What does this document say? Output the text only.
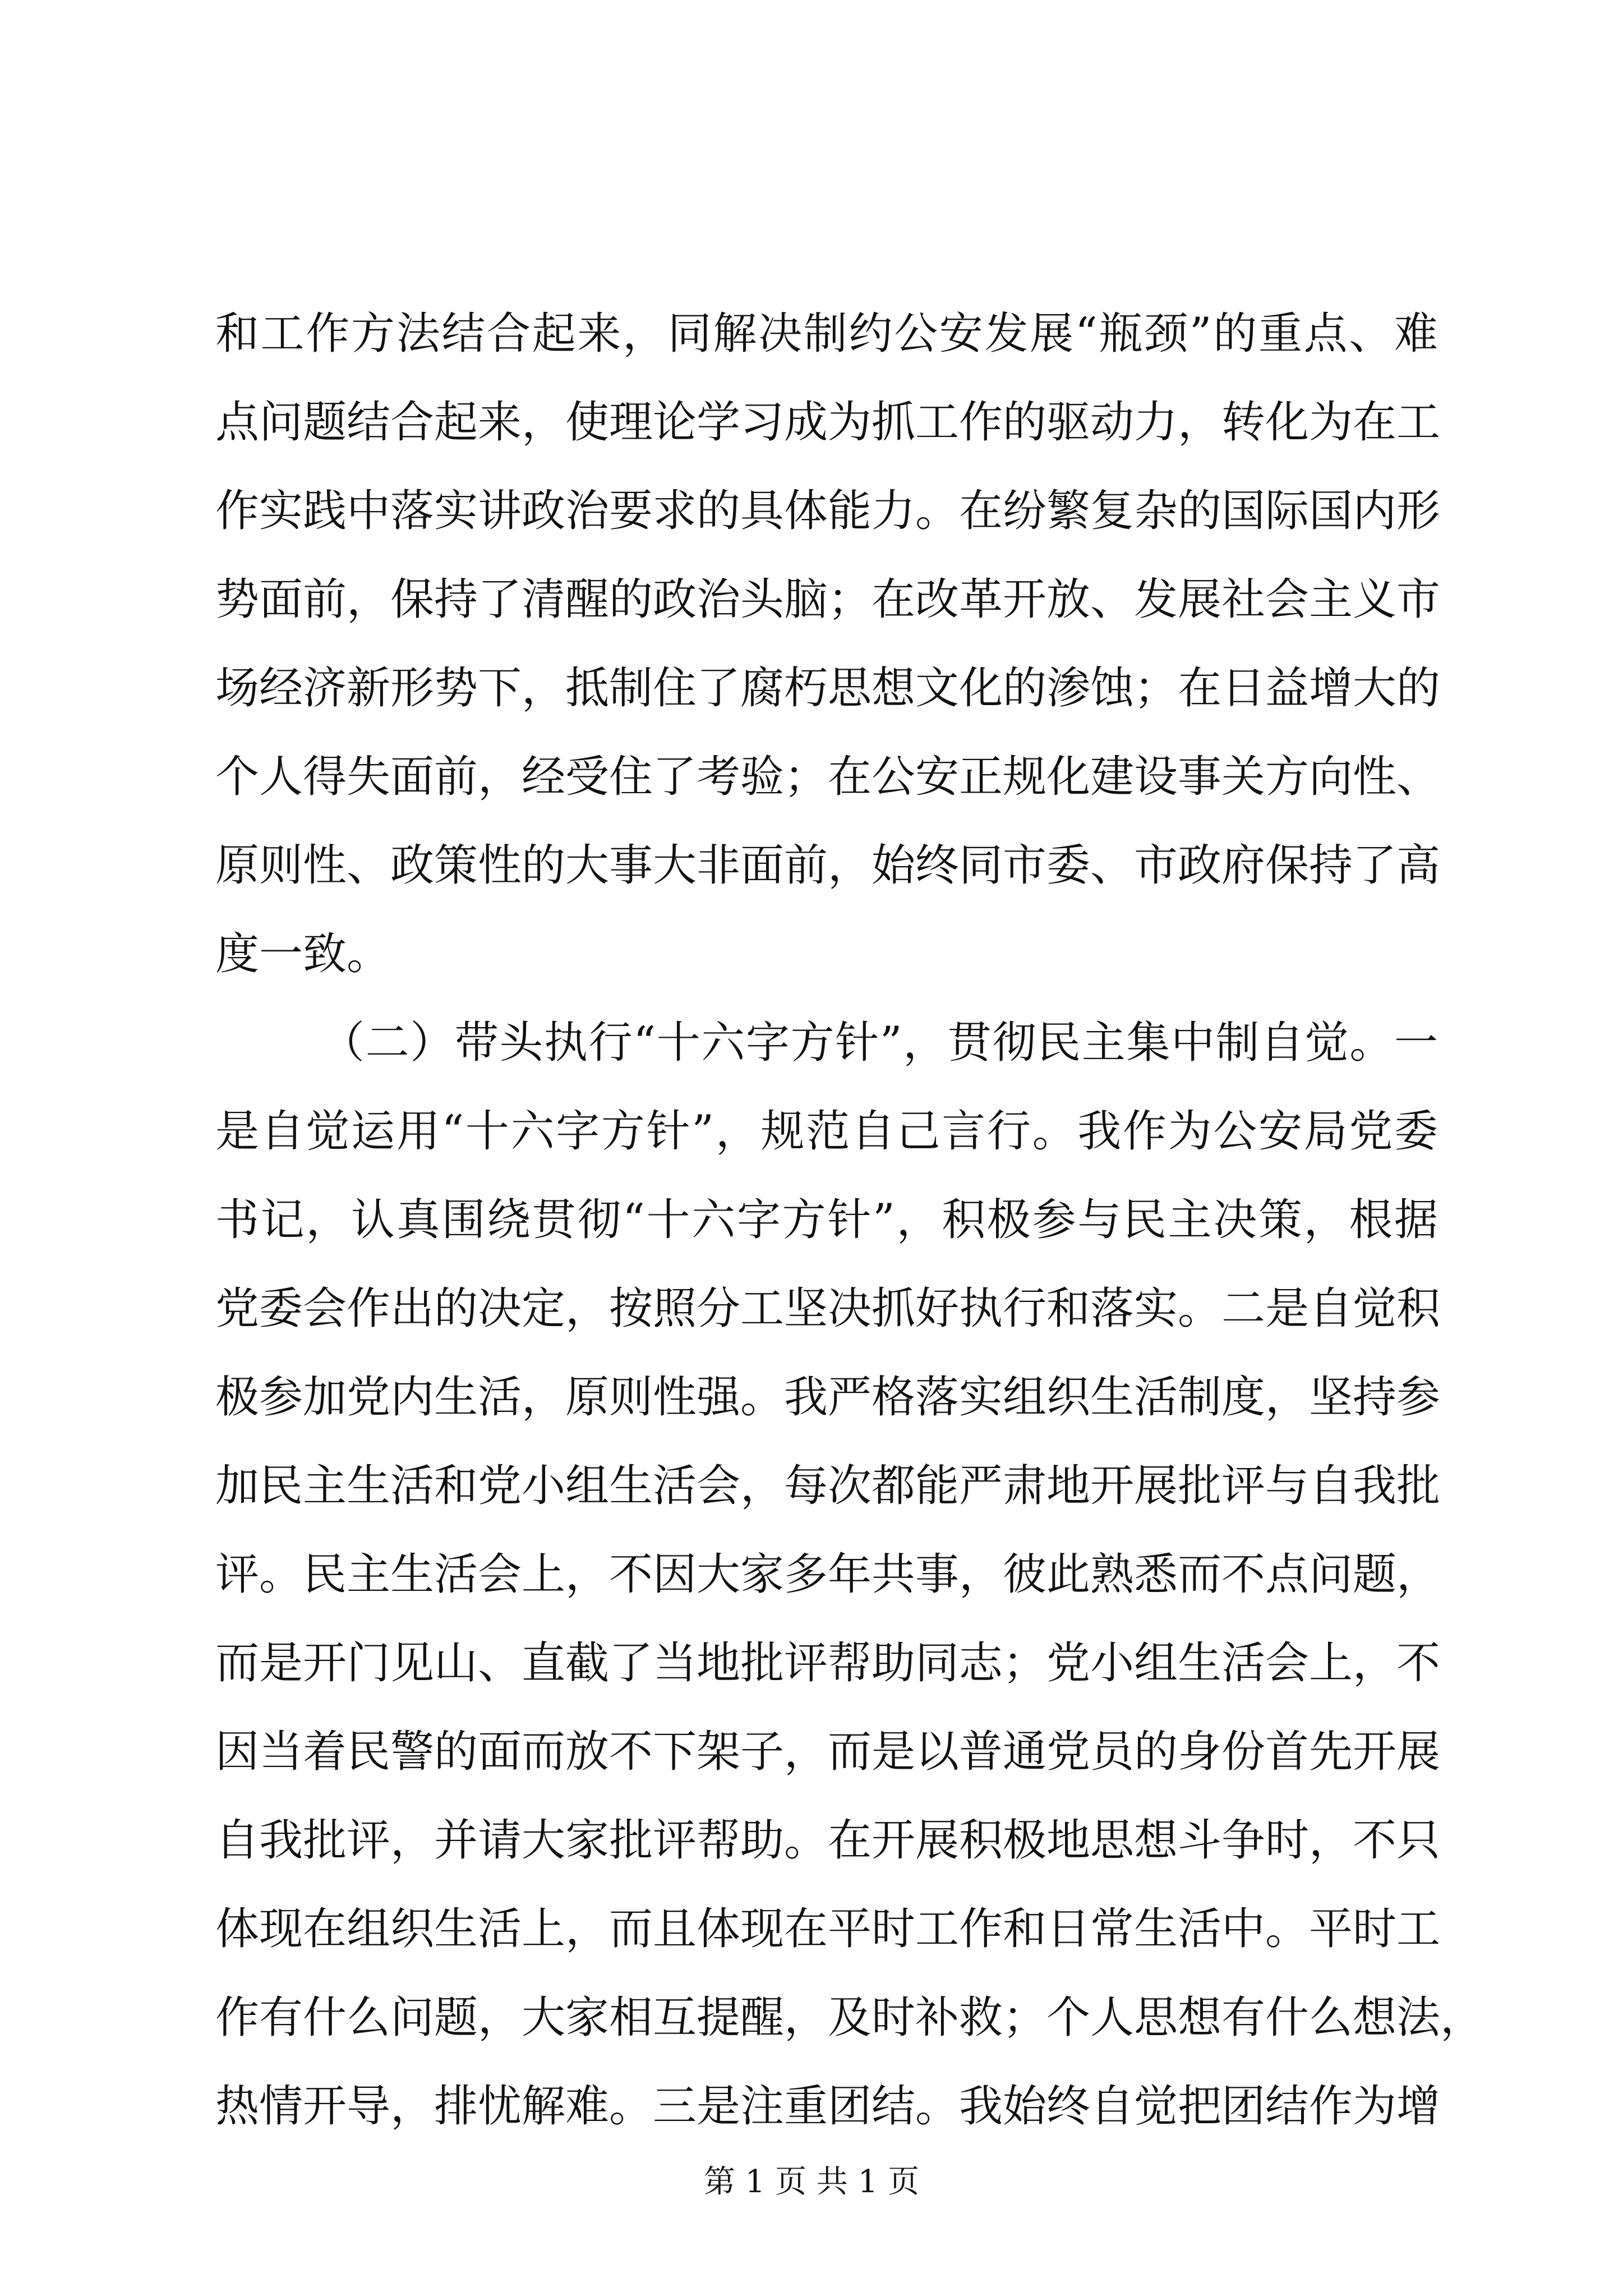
和工作方法结合起来，同解决制约公安发展“瓶颈”的重点、难
点问题结合起来，使理论学习成为抓工作的驱动力，转化为在工
作实践中落实讲政治要求的具体能力。在纷繁复杂的国际国内形
势面前，保持了清醒的政治头脑；在改革开放、发展社会主义市
场经济新形势下，抵制住了腐朽思想文化的渗蚀；在日益增大的
个人得失面前，经受住了考验；在公安正规化建设事关方向性、
原则性、政策性的大事大非面前，始终同市委、市政府保持了高
度一致。
（二）带头执行“十六字方针”，贯彻民主集中制自觉。一
是自觉运用“十六字方针”，规范自己言行。我作为公安局党委
书记，认真围绕贯彻“十六字方针”，积极参与民主决策，根据
党委会作出的决定，按照分工坚决抓好执行和落实。二是自觉积
极参加党内生活，原则性强。我严格落实组织生活制度，坚持参
加民主生活和党小组生活会，每次都能严肃地开展批评与自我批
评。民主生活会上，不因大家多年共事，彼此熟悉而不点问题，
而是开门见山、直截了当地批评帮助同志；党小组生活会上，不
因当着民警的面而放不下架子，而是以普通党员的身份首先开展
自我批评，并请大家批评帮助。在开展积极地思想斗争时，不只
体现在组织生活上，而且体现在平时工作和日常生活中。平时工
作有什么问题，大家相互提醒，及时补救；个人思想有什么想法，
热情开导，排忧解难。三是注重团结。我始终自觉把团结作为增
第 1 页 共 1 页
